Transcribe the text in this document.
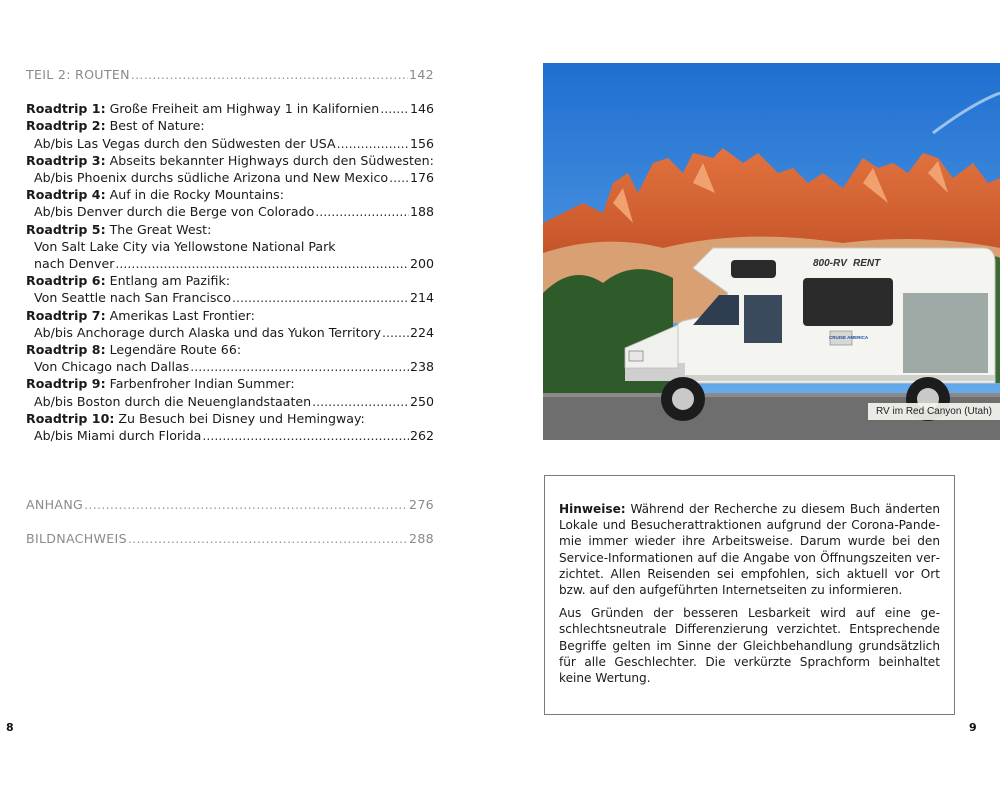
TEIL 2: ROUTEN .....	142
Roadtrip 1: Große Freiheit am Highway 1 in Kalifornien ..... 146
Roadtrip 2: Best of Nature:
Ab/bis Las Vegas durch den Südwesten der USA .....	156
Roadtrip 3: Abseits bekannter Highways durch den Südwesten:
Ab/bis Phoenix durchs südliche Arizona und New Mexico ..... 176
Roadtrip 4: Auf in die Rocky Mountains:
Ab/bis Denver durch die Berge von Colorado .....	188
Roadtrip 5: The Great West:
Von Salt Lake City via Yellowstone National Park
nach Denver .....	200
Roadtrip 6: Entlang am Pazifik:
Von Seattle nach San Francisco .....	214
Roadtrip 7: Amerikas Last Frontier:
Ab/bis Anchorage durch Alaska und das Yukon Territory ..... 224
Roadtrip 8: Legendäre Route 66:
Von Chicago nach Dallas .....	238
Roadtrip 9: Farbenfroher Indian Summer:
Ab/bis Boston durch die Neuenglandstaaten .....	250
Roadtrip 10: Zu Besuch bei Disney und Hemingway:
Ab/bis Miami durch Florida .....	262
ANHANG .....	276
BILDNACHWEIS .....	288
8	9
800-RV RENT
CRUISE AMERICA
RV im Red Canyon (Utah)

Hinweise: Während der Recherche zu diesem Buch änderten Lokale und Besucherattraktionen aufgrund der Corona-Pandemie immer wieder ihre Arbeitsweise. Darum wurde bei den Service-Informationen auf die Angabe von Öffnungszeiten verzichtet. Allen Reisenden sei empfohlen, sich aktuell vor Ort bzw. auf den aufgeführten Internetseiten zu informieren.

Aus Gründen der besseren Lesbarkeit wird auf eine geschlechtsneutrale Differenzierung verzichtet. Entsprechende Begriffe gelten im Sinne der Gleichbehandlung grundsätzlich für alle Geschlechter. Die verkürzte Sprachform beinhaltet keine Wertung.
